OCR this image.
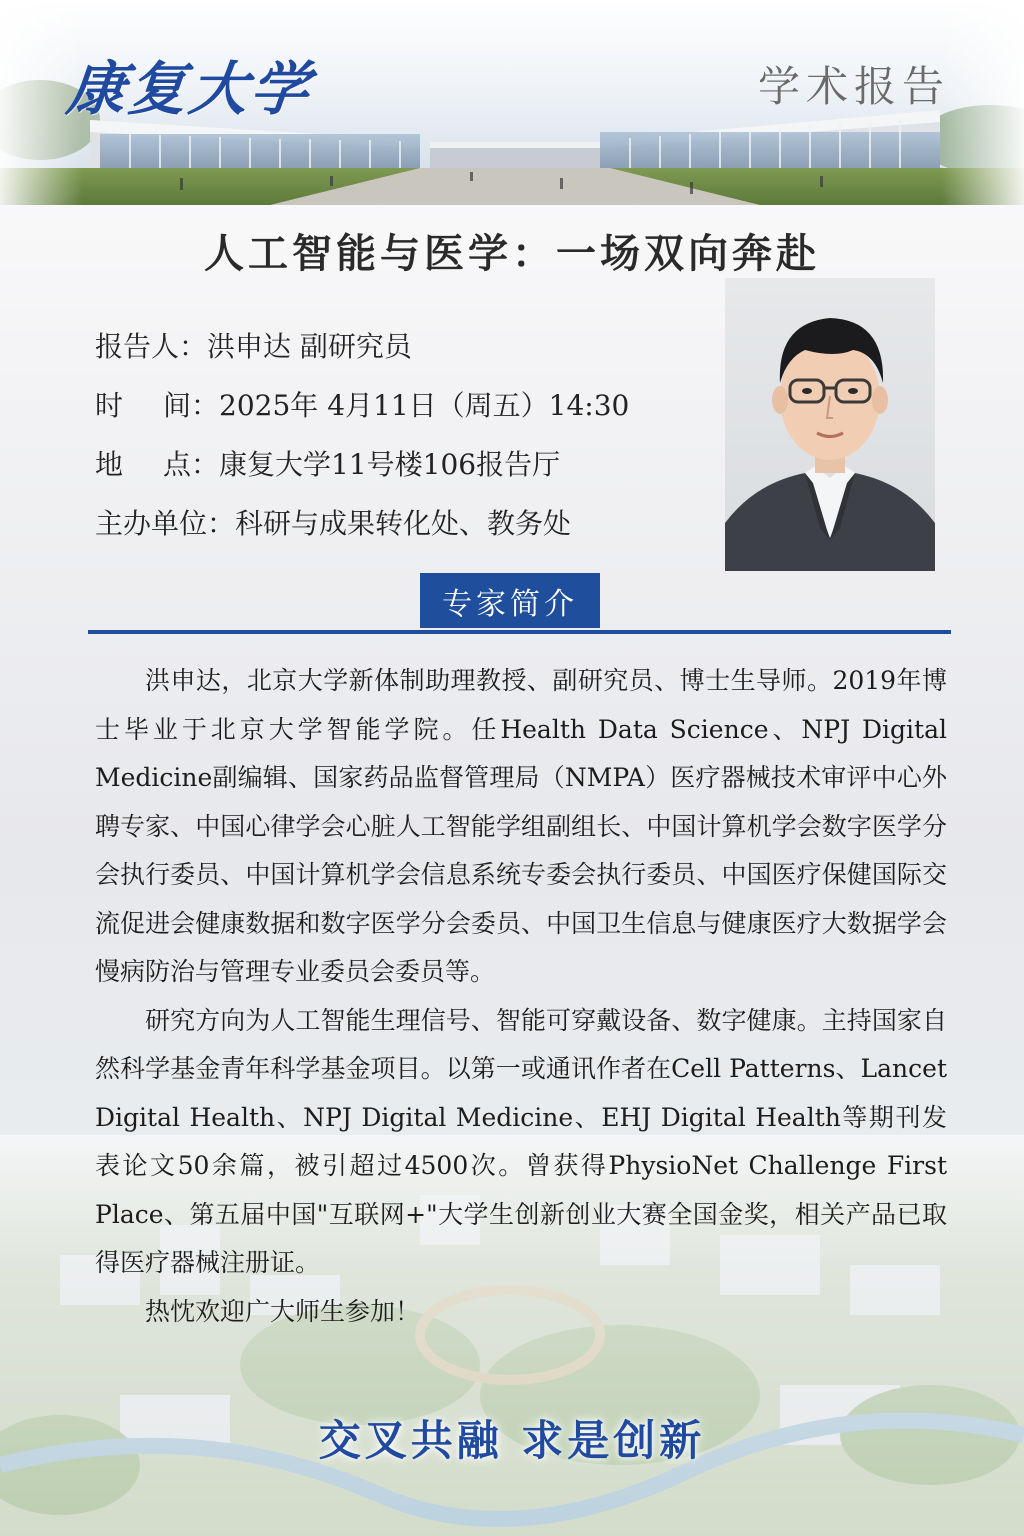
康复大学	学术报告
人工智能与医学：一场双向奔赴
报告人：洪申达 副研究员
时 间：2025年 4月11日（周五）14:30
地 点：康复大学11号楼106报告厅
主办单位：科研与成果转化处、教务处
专家简介

洪申达，北京大学新体制助理教授、副研究员、博士生导师。2019年博士毕业于北京大学智能学院。任Health Data Science、NPJ Digital Medicine副编辑、国家药品监督管理局（NMPA）医疗器械技术审评中心外聘专家、中国心律学会心脏人工智能学组副组长、中国计算机学会数字医学分会执行委员、中国计算机学会信息系统专委会执行委员、中国医疗保健国际交流促进会健康数据和数字医学分会委员、中国卫生信息与健康医疗大数据学会慢病防治与管理专业委员会委员等。

研究方向为人工智能生理信号、智能可穿戴设备、数字健康。主持国家自然科学基金青年科学基金项目。以第一或通讯作者在Cell Patterns、Lancet Digital Health、NPJ Digital Medicine、EHJ Digital Health等期刊发表论文50余篇，被引超过4500次。曾获得PhysioNet Challenge First Place、第五届中国"互联网+"大学生创新创业大赛全国金奖，相关产品已取得医疗器械注册证。

热忱欢迎广大师生参加！

交叉共融 求是创新
